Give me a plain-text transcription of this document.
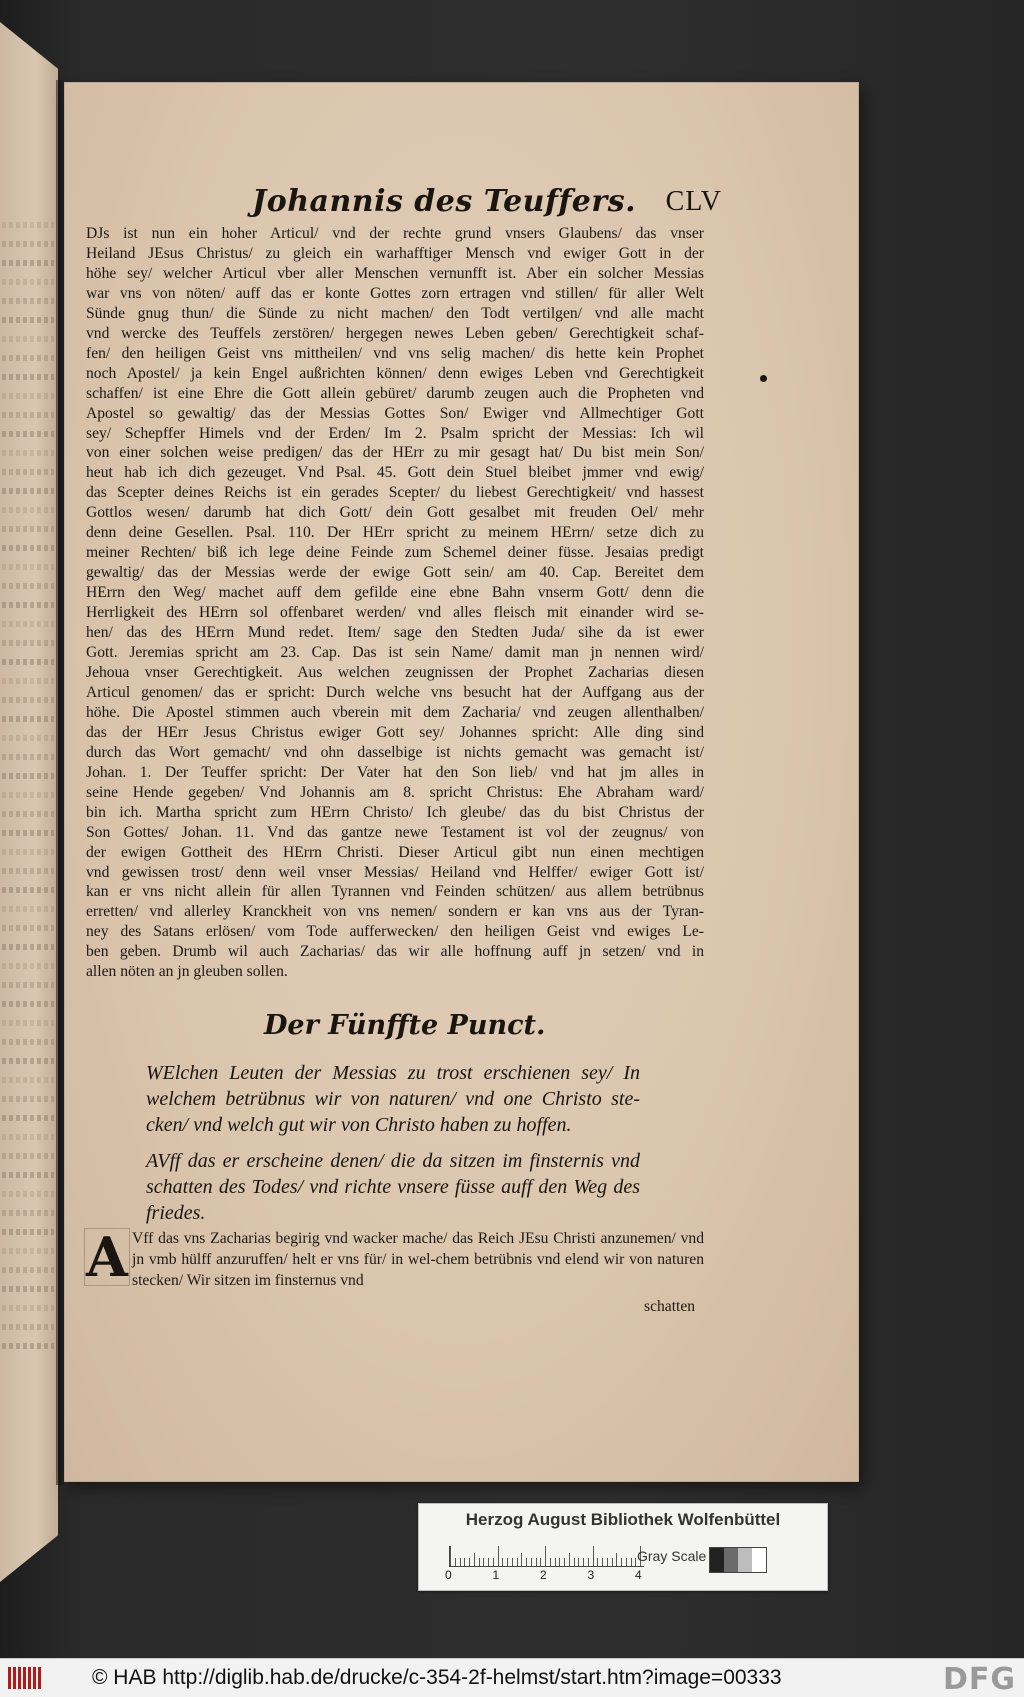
Johannis des Teuffers. CLV
DJs ist nun ein hoher Articul/ vnd der rechte grund vnsers Glaubens/ das vnser
Heiland JEsus Christus/ zu gleich ein warhafftiger Mensch vnd ewiger Gott in der
höhe sey/ welcher Articul vber aller Menschen vernunfft ist. Aber ein solcher Messias
war vns von nöten/ auff das er konte Gottes zorn ertragen vnd stillen/ für aller Welt
Sünde gnug thun/ die Sünde zu nicht machen/ den Todt vertilgen/ vnd alle macht
vnd wercke des Teuffels zerstören/ hergegen newes Leben geben/ Gerechtigkeit schaf-
fen/ den heiligen Geist vns mittheilen/ vnd vns selig machen/ dis hette kein Prophet
noch Apostel/ ja kein Engel außrichten können/ denn ewiges Leben vnd Gerechtigkeit
schaffen/ ist eine Ehre die Gott allein gebüret/ darumb zeugen auch die Propheten vnd
Apostel so gewaltig/ das der Messias Gottes Son/ Ewiger vnd Allmechtiger Gott
sey/ Schepffer Himels vnd der Erden/ Im 2. Psalm spricht der Messias: Ich wil
von einer solchen weise predigen/ das der HErr zu mir gesagt hat/ Du bist mein Son/
heut hab ich dich gezeuget. Vnd Psal. 45. Gott dein Stuel bleibet jmmer vnd ewig/
das Scepter deines Reichs ist ein gerades Scepter/ du liebest Gerechtigkeit/ vnd hassest
Gottlos wesen/ darumb hat dich Gott/ dein Gott gesalbet mit freuden Oel/ mehr
denn deine Gesellen. Psal. 110. Der HErr spricht zu meinem HErrn/ setze dich zu
meiner Rechten/ biß ich lege deine Feinde zum Schemel deiner füsse. Jesaias predigt
gewaltig/ das der Messias werde der ewige Gott sein/ am 40. Cap. Bereitet dem
HErrn den Weg/ machet auff dem gefilde eine ebne Bahn vnserm Gott/ denn die
Herrligkeit des HErrn sol offenbaret werden/ vnd alles fleisch mit einander wird se-
hen/ das des HErrn Mund redet. Item/ sage den Stedten Juda/ sihe da ist ewer
Gott. Jeremias spricht am 23. Cap. Das ist sein Name/ damit man jn nennen wird/
Jehoua vnser Gerechtigkeit. Aus welchen zeugnissen der Prophet Zacharias diesen
Articul genomen/ das er spricht: Durch welche vns besucht hat der Auffgang aus der
höhe. Die Apostel stimmen auch vberein mit dem Zacharia/ vnd zeugen allenthalben/
das der HErr Jesus Christus ewiger Gott sey/ Johannes spricht: Alle ding sind
durch das Wort gemacht/ vnd ohn dasselbige ist nichts gemacht was gemacht ist/
Johan. 1. Der Teuffer spricht: Der Vater hat den Son lieb/ vnd hat jm alles in
seine Hende gegeben/ Vnd Johannis am 8. spricht Christus: Ehe Abraham ward/
bin ich. Martha spricht zum HErrn Christo/ Ich gleube/ das du bist Christus der
Son Gottes/ Johan. 11. Vnd das gantze newe Testament ist vol der zeugnus/ von
der ewigen Gottheit des HErrn Christi. Dieser Articul gibt nun einen mechtigen
vnd gewissen trost/ denn weil vnser Messias/ Heiland vnd Helffer/ ewiger Gott ist/
kan er vns nicht allein für allen Tyrannen vnd Feinden schützen/ aus allem betrübnus
erretten/ vnd allerley Kranckheit von vns nemen/ sondern er kan vns aus der Tyran-
ney des Satans erlösen/ vom Tode aufferwecken/ den heiligen Geist vnd ewiges Le-
ben geben. Drumb wil auch Zacharias/ das wir alle hoffnung auff jn setzen/ vnd in
allen nöten an jn gleuben sollen.
Der Fünffte Punct.
WElchen Leuten der Messias zu trost erschienen sey/ In welchem betrübnus wir von naturen/ vnd one Christo ste-cken/ vnd welch gut wir von Christo haben zu hoffen.
AVff das er erscheine denen/ die da sitzen im finsternis vnd schatten des Todes/ vnd richte vnsere füsse auff den Weg des friedes.
A Vff das vns Zacharias begirig vnd wacker mache/ das Reich JEsu Christi anzunemen/ vnd jn vmb hülff anzuruffen/ helt er vns für/ in wel-chem betrübnis vnd elend wir von naturen stecken/ Wir sitzen im finsternus vnd
schatten
Herzog August Bibliothek Wolfenbüttel
0	1	2	3	4
Gray Scale
© HAB http://diglib.hab.de/drucke/c-354-2f-helmst/start.htm?image=00333	DFG
